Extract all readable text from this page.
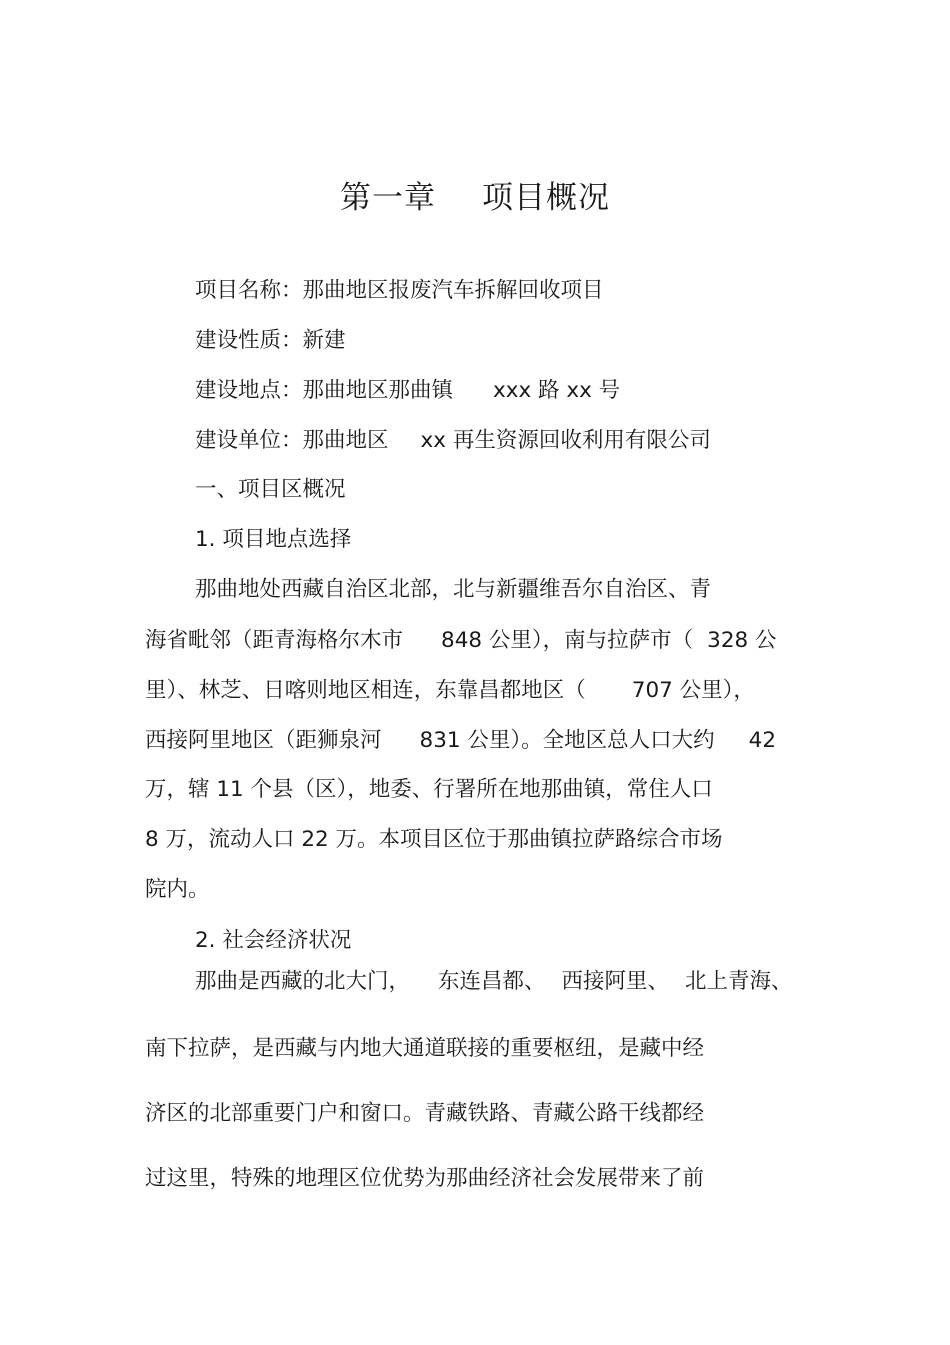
第一章 项目概况
项目名称：那曲地区报废汽车拆解回收项目
建设性质：新建
建设地点：那曲地区那曲镇 xxx 路 xx 号
建设单位：那曲地区 xx 再生资源回收利用有限公司
一、项目区概况
1. 项目地点选择
那曲地处西藏自治区北部，北与新疆维吾尔自治区、青
海省毗邻（距青海格尔木市 848 公里），南与拉萨市（ 328 公
里）、林芝、日喀则地区相连，东靠昌都地区（ 707 公里），
西接阿里地区（距狮泉河 831 公里）。全地区总人口大约 42
万，辖 11 个县（区），地委、行署所在地那曲镇，常住人口
8 万，流动人口 22 万。本项目区位于那曲镇拉萨路综合市场
院内。
2. 社会经济状况
那曲是西藏的北大门， 东连昌都、 西接阿里、 北上青海、
南下拉萨，是西藏与内地大通道联接的重要枢纽，是藏中经
济区的北部重要门户和窗口。青藏铁路、青藏公路干线都经
过这里，特殊的地理区位优势为那曲经济社会发展带来了前
